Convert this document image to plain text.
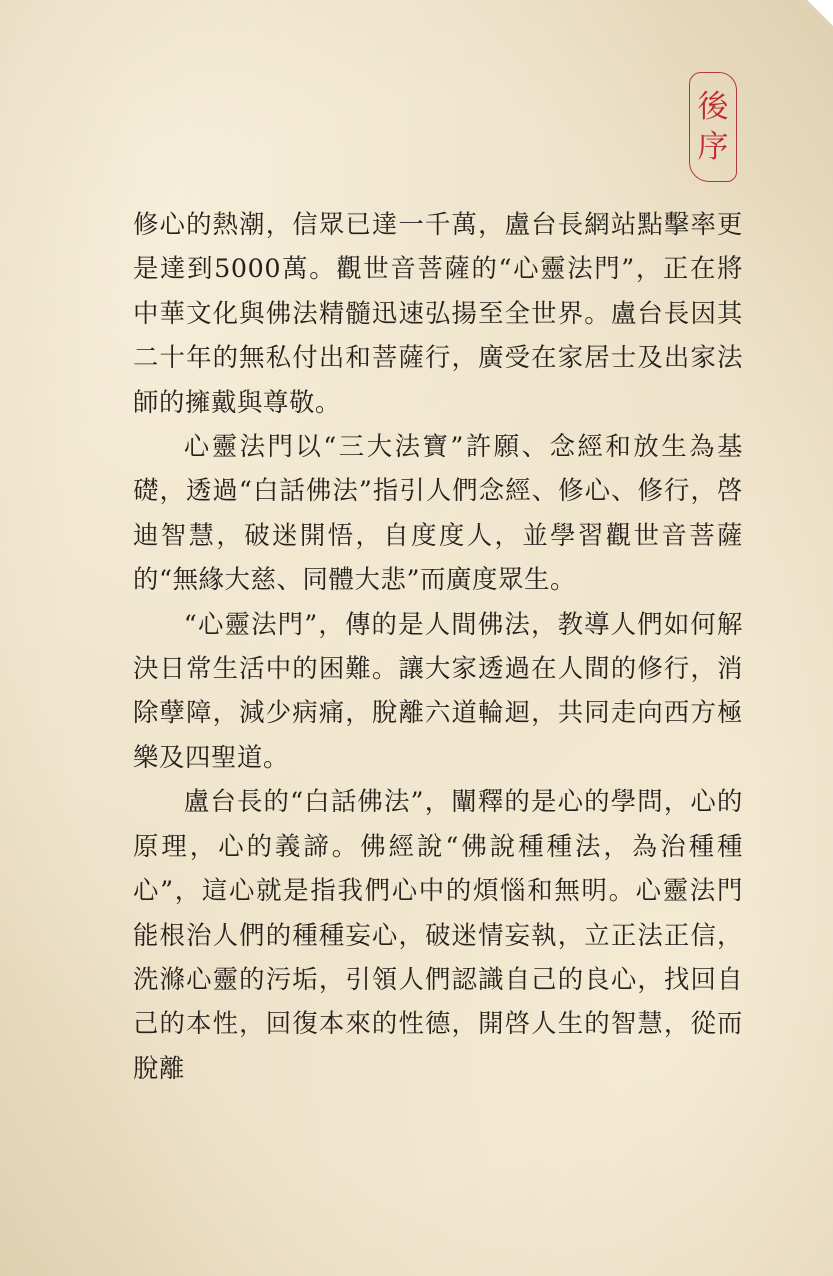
後
序

修心的熱潮，信眾已達一千萬，盧台長網站點擊率更是達到5000萬。觀世音菩薩的“心靈法門”，正在將中華文化與佛法精髓迅速弘揚至全世界。盧台長因其二十年的無私付出和菩薩行，廣受在家居士及出家法師的擁戴與尊敬。

心靈法門以“三大法寶”許願、念經和放生為基礎，透過“白話佛法”指引人們念經、修心、修行，啓迪智慧，破迷開悟，自度度人，並學習觀世音菩薩的“無緣大慈、同體大悲”而廣度眾生。

“心靈法門”，傳的是人間佛法，教導人們如何解決日常生活中的困難。讓大家透過在人間的修行，消除孽障，減少病痛，脫離六道輪迴，共同走向西方極樂及四聖道。

盧台長的“白話佛法”，闡釋的是心的學問，心的原理，心的義諦。佛經說“佛說種種法，為治種種心”，這心就是指我們心中的煩惱和無明。心靈法門能根治人們的種種妄心，破迷情妄執，立正法正信，洗滌心靈的污垢，引領人們認識自己的良心，找回自己的本性，回復本來的性德，開啓人生的智慧，從而脫離
